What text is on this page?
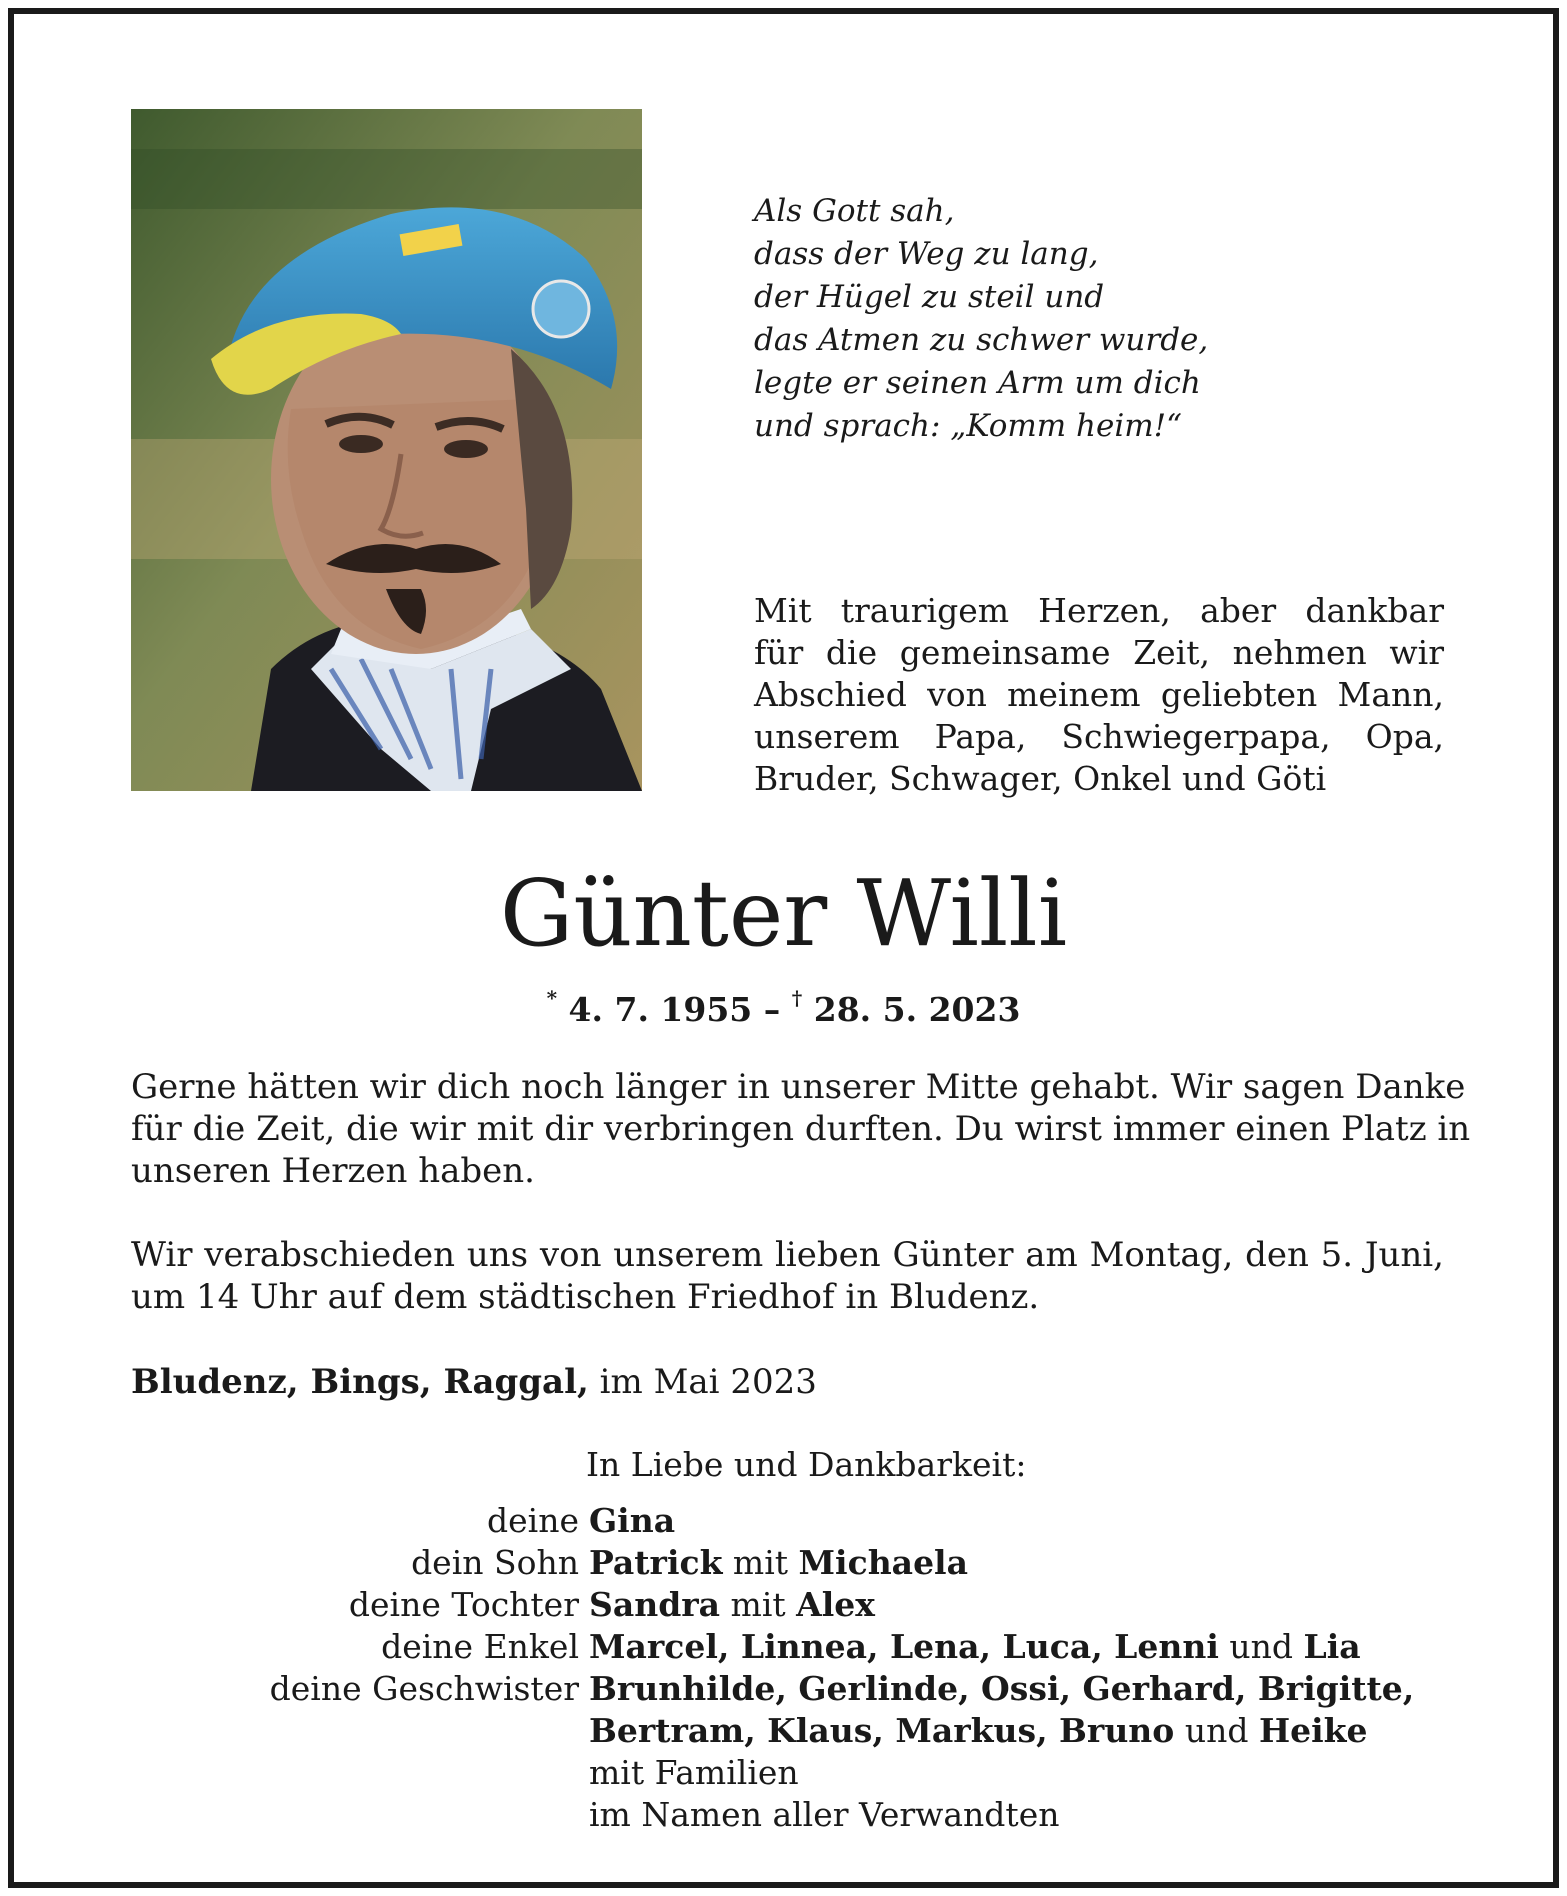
Als Gott sah,
dass der Weg zu lang,
der Hügel zu steil und
das Atmen zu schwer wurde,
legte er seinen Arm um dich
und sprach: „Komm heim!“
Mit traurigem Herzen, aber dankbar
für die gemeinsame Zeit, nehmen wir
Abschied von meinem geliebten Mann,
unserem Papa, Schwiegerpapa, Opa,
Bruder, Schwager, Onkel und Göti
Günter Willi
* 4. 7. 1955 – † 28. 5. 2023
Gerne hätten wir dich noch länger in unserer Mitte gehabt. Wir sagen Danke
für die Zeit, die wir mit dir verbringen durften. Du wirst immer einen Platz in
unseren Herzen haben.
Wir verabschieden uns von unserem lieben Günter am Montag, den 5. Juni,
um 14 Uhr auf dem städtischen Friedhof in Bludenz.
Bludenz, Bings, Raggal, im Mai 2023
In Liebe und Dankbarkeit:
deine Gina
dein Sohn Patrick mit Michaela
deine Tochter Sandra mit Alex
deine Enkel Marcel, Linnea, Lena, Luca, Lenni und Lia
deine Geschwister Brunhilde, Gerlinde, Ossi, Gerhard, Brigitte,
Bertram, Klaus, Markus, Bruno und Heike
mit Familien
im Namen aller Verwandten
